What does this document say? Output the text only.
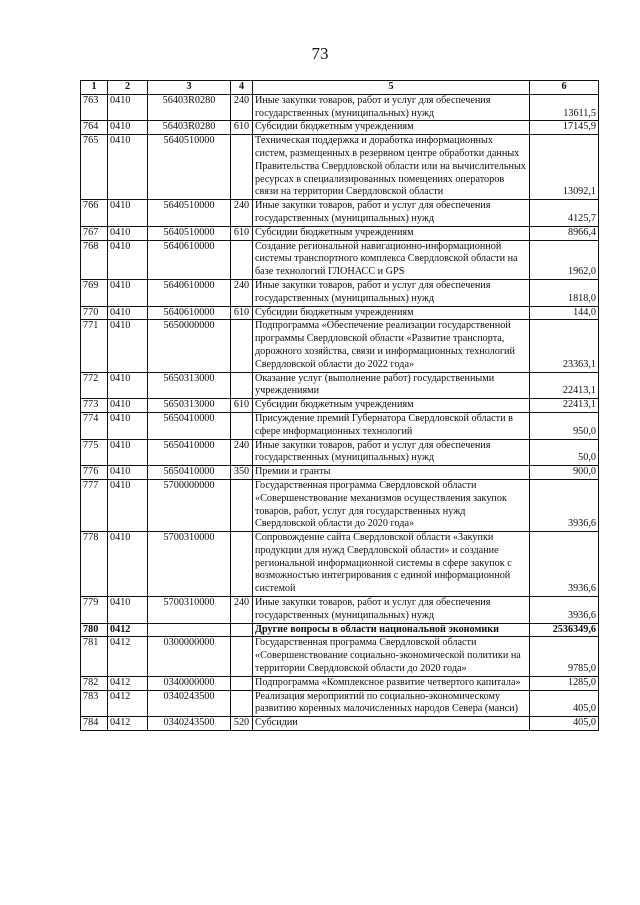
73
1	2	3	4	5	6
763	0410	56403R0280	240	Иные закупки товаров, работ и услуг для обеспечения государственных (муниципальных) нужд	13611,5
764	0410	56403R0280	610	Субсидии бюджетным учреждениям	17145,9
765	0410	5640510000		Техническая поддержка и доработка информационных систем, размещенных в резервном центре обработки данных Правительства Свердловской области или на вычислительных ресурсах в специализированных помещениях операторов связи на территории Свердловской области	13092,1
766	0410	5640510000	240	Иные закупки товаров, работ и услуг для обеспечения государственных (муниципальных) нужд	4125,7
767	0410	5640510000	610	Субсидии бюджетным учреждениям	8966,4
768	0410	5640610000		Создание региональной навигационно-информационной системы транспортного комплекса Свердловской области на базе технологий ГЛОНАСС и GPS	1962,0
769	0410	5640610000	240	Иные закупки товаров, работ и услуг для обеспечения государственных (муниципальных) нужд	1818,0
770	0410	5640610000	610	Субсидии бюджетным учреждениям	144,0
771	0410	5650000000		Подпрограмма «Обеспечение реализации государственной программы Свердловской области «Развитие транспорта, дорожного хозяйства, связи и информационных технологий Свердловской области до 2022 года»	23363,1
772	0410	5650313000		Оказание услуг (выполнение работ) государственными учреждениями	22413,1
773	0410	5650313000	610	Субсидии бюджетным учреждениям	22413,1
774	0410	5650410000		Присуждение премий Губернатора Свердловской области в сфере информационных технологий	950,0
775	0410	5650410000	240	Иные закупки товаров, работ и услуг для обеспечения государственных (муниципальных) нужд	50,0
776	0410	5650410000	350	Премии и гранты	900,0
777	0410	5700000000		Государственная программа Свердловской области «Совершенствование механизмов осуществления закупок товаров, работ, услуг для государственных нужд Свердловской области до 2020 года»	3936,6
778	0410	5700310000		Сопровождение сайта Свердловской области «Закупки продукции для нужд Свердловской области» и создание региональной информационной системы в сфере закупок с возможностью интегрирования с единой информационной системой	3936,6
779	0410	5700310000	240	Иные закупки товаров, работ и услуг для обеспечения государственных (муниципальных) нужд	3936,6
780	0412			Другие вопросы в области национальной экономики	2536349,6
781	0412	0300000000		Государственная программа Свердловской области «Совершенствование социально-экономической политики на территории Свердловской области до 2020 года»	9785,0
782	0412	0340000000		Подпрограмма «Комплексное развитие четвертого капитала»	1285,0
783	0412	0340243500		Реализация мероприятий по социально-экономическому развитию коренных малочисленных народов Севера (манси)	405,0
784	0412	0340243500	520	Субсидии	405,0
